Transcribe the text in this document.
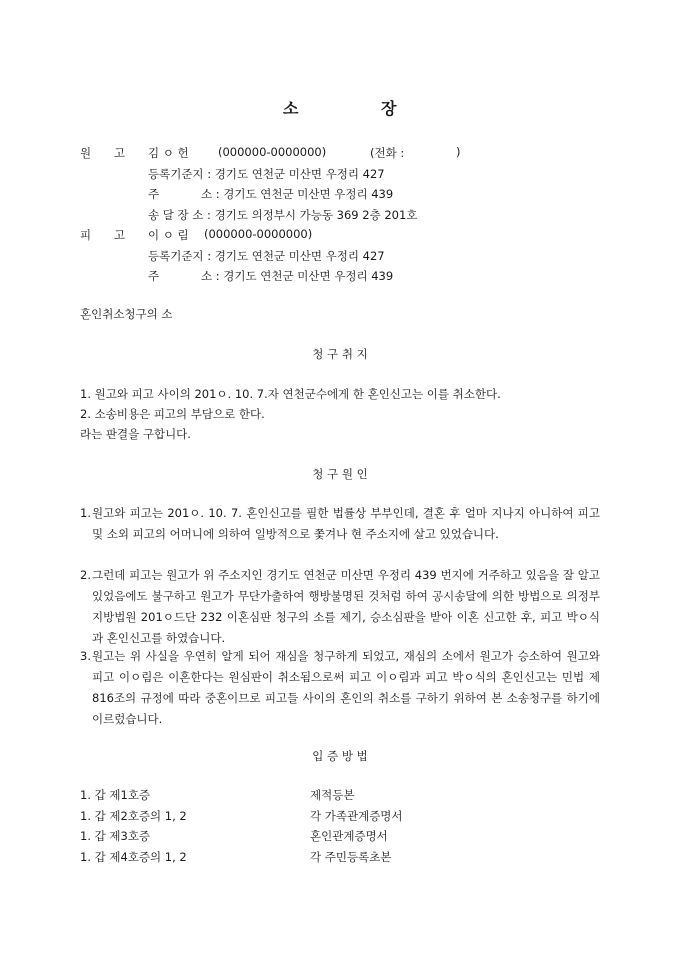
소	장
원 고 김 ㅇ 헌	(000000-0000000)	(전화 :	)
등록기준지 : 경기도 연천군 미산면 우정리 427
주	소 : 경기도 연천군 미산면 우정리 439
송 달 장 소 : 경기도 의정부시 가능동 369 2층 201호
피 고 이 ㅇ 림 (000000-0000000)
등록기준지 : 경기도 연천군 미산면 우정리 427
주	소 : 경기도 연천군 미산면 우정리 439
혼인취소청구의 소
청 구 취 지
1. 원고와 피고 사이의 201ㅇ. 10. 7.자 연천군수에게 한 혼인신고는 이를 취소한다.
2. 소송비용은 피고의 부담으로 한다.
라는 판결을 구합니다.
청 구 원 인
1. 원고와 피고는 201ㅇ. 10. 7. 혼인신고를 필한 법률상 부부인데, 결혼 후 얼마 지나지 아니하여 피고 및 소외 피고의 어머니에 의하여 일방적으로 쫓겨나 현 주소지에 살고 있었습니다.
2. 그런데 피고는 원고가 위 주소지인 경기도 연천군 미산면 우정리 439 번지에 거주하고 있음을 잘 알고 있었음에도 불구하고 원고가 무단가출하여 행방불명된 것처럼 하여 공시송달에 의한 방법으로 의정부지방법원 201ㅇ드단 232 이혼심판 청구의 소를 제기, 승소심판을 받아 이혼 신고한 후, 피고 박ㅇ식과 혼인신고를 하였습니다.
3. 원고는 위 사실을 우연히 알게 되어 재심을 청구하게 되었고, 재심의 소에서 원고가 승소하여 원고와 피고 이ㅇ림은 이혼한다는 원심판이 취소됨으로써 피고 이ㅇ림과 피고 박ㅇ식의 혼인신고는 민법 제816조의 규정에 따라 중혼이므로 피고들 사이의 혼인의 취소를 구하기 위하여 본 소송청구를 하기에 이르렀습니다.
입 증 방 법
1. 갑 제1호증	제적등본
1. 갑 제2호증의 1, 2	각 가족관계증명서
1. 갑 제3호증	혼인관계증명서
1. 갑 제4호증의 1, 2	각 주민등록초본
